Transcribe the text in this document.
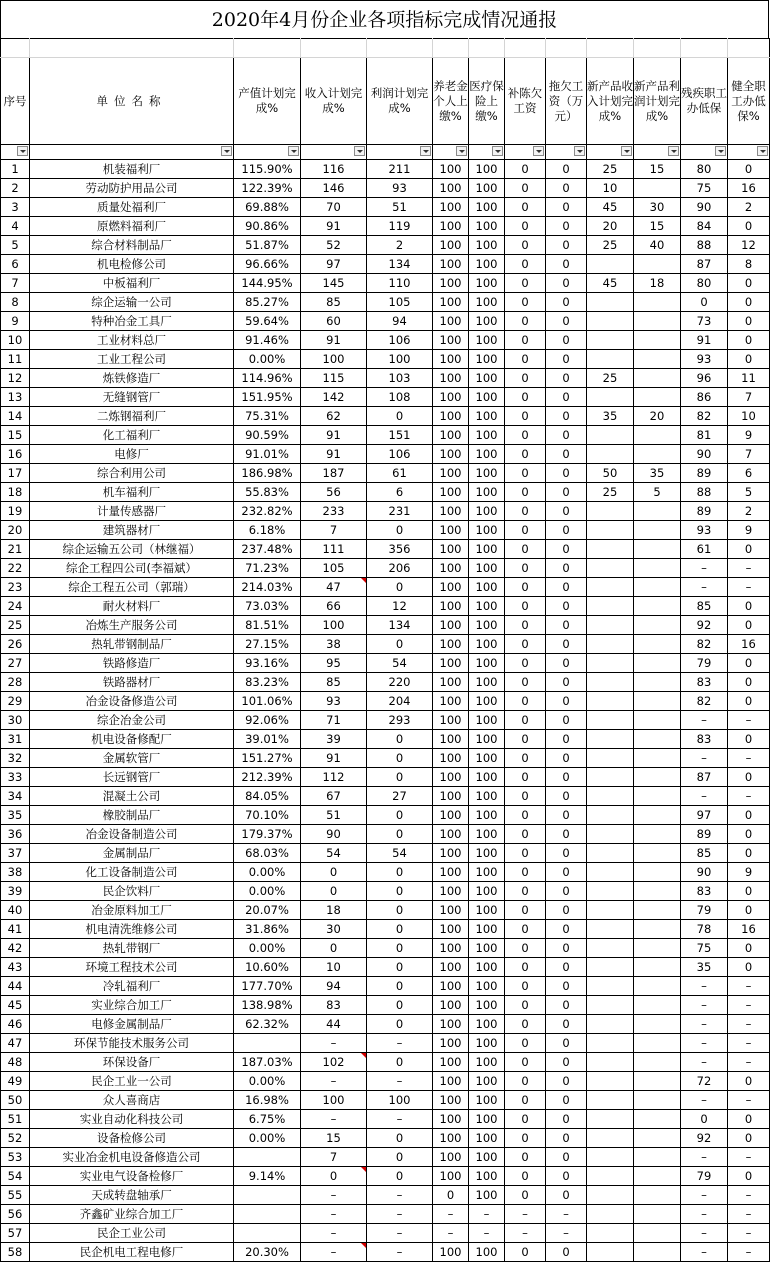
2020年4月份企业各项指标完成情况通报

序号	单位名称	产值计划完成%	收入计划完成%	利润计划完成%	养老金个人上缴%	医疗保险上缴%	补陈欠工资	拖欠工资（万元）	新产品收入计划完成%	新产品利润计划完成%	残疾职工办低保	健全职工办低保%

1	机装福利厂	115.90%	116	211	100	100	0	0	25	15	80	0
2	劳动防护用品公司	122.39%	146	93	100	100	0	0	10		75	16
3	质量处福利厂	69.88%	70	51	100	100	0	0	45	30	90	2
4	原燃料福利厂	90.86%	91	119	100	100	0	0	20	15	84	0
5	综合材料制品厂	51.87%	52	2	100	100	0	0	25	40	88	12
6	机电检修公司	96.66%	97	134	100	100	0	0			87	8
7	中板福利厂	144.95%	145	110	100	100	0	0	45	18	80	0
8	综企运输一公司	85.27%	85	105	100	100	0	0			0	0
9	特种冶金工具厂	59.64%	60	94	100	100	0	0			73	0
10	工业材料总厂	91.46%	91	106	100	100	0	0			91	0
11	工业工程公司	0.00%	100	100	100	100	0	0			93	0
12	炼铁修造厂	114.96%	115	103	100	100	0	0	25		96	11
13	无缝钢管厂	151.95%	142	108	100	100	0	0			86	7
14	二炼钢福利厂	75.31%	62	0	100	100	0	0	35	20	82	10
15	化工福利厂	90.59%	91	151	100	100	0	0			81	9
16	电修厂	91.01%	91	106	100	100	0	0			90	7
17	综合利用公司	186.98%	187	61	100	100	0	0	50	35	89	6
18	机车福利厂	55.83%	56	6	100	100	0	0	25	5	88	5
19	计量传感器厂	232.82%	233	231	100	100	0	0			89	2
20	建筑器材厂	6.18%	7	0	100	100	0	0			93	9
21	综企运输五公司（林继福）	237.48%	111	356	100	100	0	0			61	0
22	综企工程四公司(李福斌）	71.23%	105	206	100	100	0	0			–	–
23	综企工程五公司（郭瑞）	214.03%	47	0	100	100	0	0			–	–
24	耐火材料厂	73.03%	66	12	100	100	0	0			85	0
25	冶炼生产服务公司	81.51%	100	134	100	100	0	0			92	0
26	热轧带钢制品厂	27.15%	38	0	100	100	0	0			82	16
27	铁路修造厂	93.16%	95	54	100	100	0	0			79	0
28	铁路器材厂	83.23%	85	220	100	100	0	0			83	0
29	冶金设备修造公司	101.06%	93	204	100	100	0	0			82	0
30	综企冶金公司	92.06%	71	293	100	100	0	0			–	–
31	机电设备修配厂	39.01%	39	0	100	100	0	0			83	0
32	金属软管厂	151.27%	91	0	100	100	0	0			–	–
33	长远钢管厂	212.39%	112	0	100	100	0	0			87	0
34	混凝土公司	84.05%	67	27	100	100	0	0			–	–
35	橡胶制品厂	70.10%	51	0	100	100	0	0			97	0
36	冶金设备制造公司	179.37%	90	0	100	100	0	0			89	0
37	金属制品厂	68.03%	54	54	100	100	0	0			85	0
38	化工设备制造公司	0.00%	0	0	100	100	0	0			90	9
39	民企饮料厂	0.00%	0	0	100	100	0	0			83	0
40	冶金原料加工厂	20.07%	18	0	100	100	0	0			79	0
41	机电清洗维修公司	31.86%	30	0	100	100	0	0			78	16
42	热轧带钢厂	0.00%	0	0	100	100	0	0			75	0
43	环境工程技术公司	10.60%	10	0	100	100	0	0			35	0
44	冷轧福利厂	177.70%	94	0	100	100	0	0			–	–
45	实业综合加工厂	138.98%	83	0	100	100	0	0			–	–
46	电修金属制品厂	62.32%	44	0	100	100	0	0			–	–
47	环保节能技术服务公司		–	–	100	100	0	0			–	–
48	环保设备厂	187.03%	102	0	100	100	0	0			–	–
49	民企工业一公司	0.00%	–	–	100	100	0	0			72	0
50	众人喜商店	16.98%	100	100	100	100	0	0			–	–
51	实业自动化科技公司	6.75%	–	–	100	100	0	0			0	0
52	设备检修公司	0.00%	15	0	100	100	0	0			92	0
53	实业冶金机电设备修造公司		7	0	100	100	0	0			–	–
54	实业电气设备检修厂	9.14%	0	0	100	100	0	0			79	0
55	天成转盘轴承厂		–	–	0	100	0	0			–	–
56	齐鑫矿业综合加工厂		–	–	–	–	–	–			–	–
57	民企工业公司		–	–	–	–	–	–			–	–
58	民企机电工程电修厂	20.30%	–	–	100	100	0	0			–	–
